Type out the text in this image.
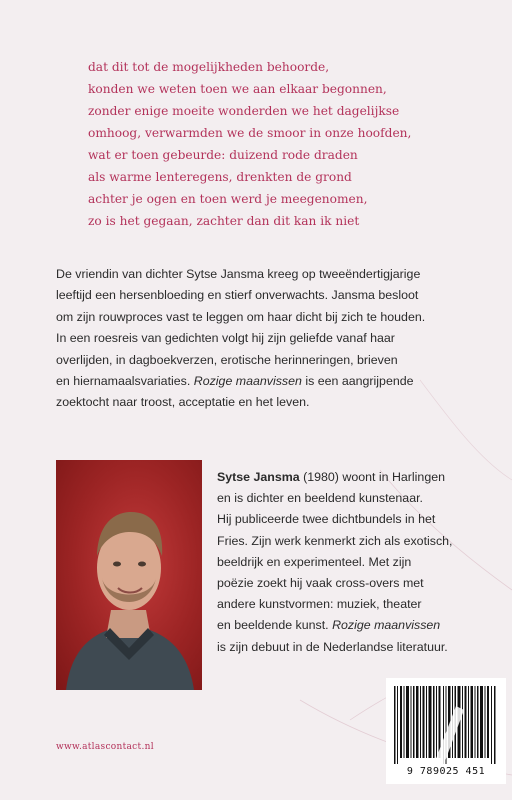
dat dit tot de mogelijkheden behoorde,
konden we weten toen we aan elkaar begonnen,
zonder enige moeite wonderden we het dagelijkse
omhoog, verwarmden we de smoor in onze hoofden,
wat er toen gebeurde: duizend rode draden
als warme lenteregens, drenkten de grond
achter je ogen en toen werd je meegenomen,
zo is het gegaan, zachter dan dit kan ik niet
De vriendin van dichter Sytse Jansma kreeg op tweeëndertigjarige
leeftijd een hersenbloeding en stierf onverwachts. Jansma besloot
om zijn rouwproces vast te leggen om haar dicht bij zich te houden.
In een roesreis van gedichten volgt hij zijn geliefde vanaf haar
overlijden, in dagboekverzen, erotische herinneringen, brieven
en hiernamaalsvariaties. Rozige maanvissen is een aangrijpende
zoektocht naar troost, acceptatie en het leven.
Sytse Jansma (1980) woont in Harlingen
en is dichter en beeldend kunstenaar.
Hij publiceerde twee dichtbundels in het
Fries. Zijn werk kenmerkt zich als exotisch,
beeldrijk en experimenteel. Met zijn
poëzie zoekt hij vaak cross-overs met
andere kunstvormen: muziek, theater
en beeldende kunst. Rozige maanvissen
is zijn debuut in de Nederlandse literatuur.
www.atlascontact.nl
9 789025 451
